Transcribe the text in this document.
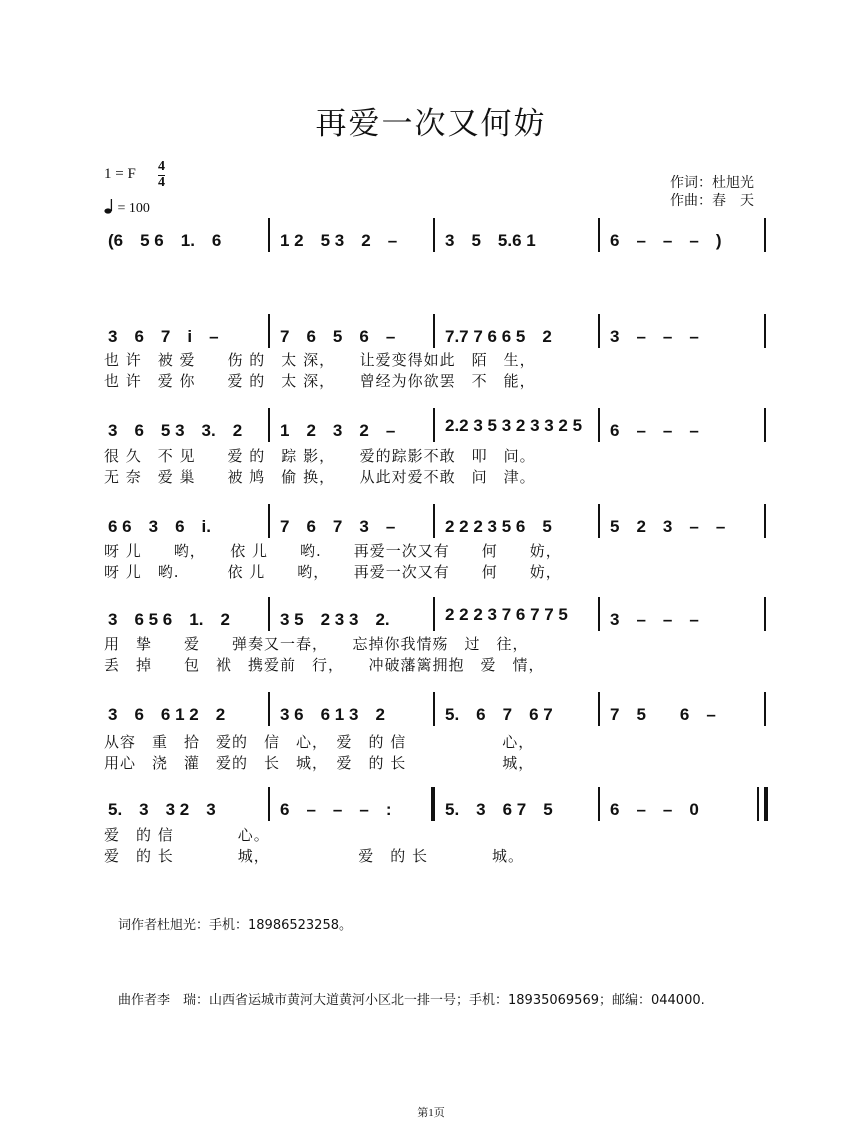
再爱一次又何妨
1 = F 4
4
= 100
作词：杜旭光
作曲：春　天
(6　5 6　1.　6	1 2　5 3　2　–	3　5　5.6 1	6　–　–　–　)
3　6　7　i　–	7　6　5　6　–	7.7 7 6 6 5　2	3　–　–　–
也 许　被 爱　　伤 的　太 深，　　让爱变得如此　陌　生，
也 许　爱 你　　爱 的　太 深，　　曾经为你欲罢　不　能，
3　6　5 3　3.　2 1　2　3　2　–	2.2 3 5 3 2 3 3 2 5 6　–　–　–
很 久　不 见　　爱 的　踪 影，　　爱的踪影不敢　叩　问。
无 奈　爱 巢　　被 鸠　偷 换，　　从此对爱不敢　问　津。
6 6　3　6　i.	7　6　7　3　–	2 2 2 3 5 6　5	5　2　3　–　–
呀 儿　　哟，　　依 儿　　哟.　　再爱一次又有　　何　　妨，
呀 儿　哟.　　　依 儿　　哟，　　再爱一次又有　　何　　妨，
3　6 5 6　1.　2	3 5　2 3 3　2.	2 2 2 3 7 6 7 7 5 3　–　–　–
用　挚　　爱　　弹奏又一春，　　忘掉你我情殇　过　往，
丢　掉　　包　袱　携爱前　行，　　冲破藩篱拥抱　爱　情，
3　6　6 1 2　2	3 6　6 1 3　2	5.　6　7　6 7	7　5　　6　–
从容　重　拾　爱的　信　心，　爱　的 信　　　　　　心，
用心　浇　灌　爱的　长　城，　爱　的 长　　　　　　城，
5.　3　3 2　3	6　–　–　–　:	5.　3　6 7　5	6　–　–　0
爱　的 信　　　　心。
爱　的 长　　　　城，　　　　　　爱　的 长　　　　城。
词作者杜旭光：手机：18986523258。
曲作者李　瑞：山西省运城市黄河大道黄河小区北一排一号；手机：18935069569；邮编：044000.
第1页
